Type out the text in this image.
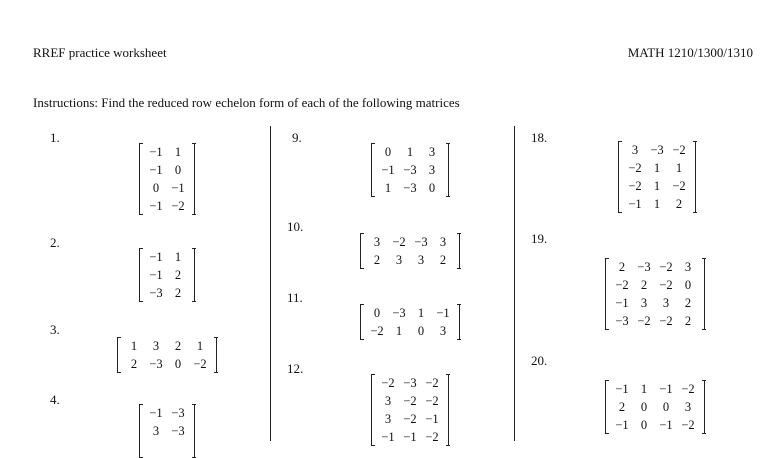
RREF practice worksheet	MATH 1210/1300/1310
Instructions: Find the reduced row echelon form of each of the following matrices
1.
−1	1
−1	0
0	−1
−1	−2
2.
−1	1
−1	2
−3	2
3.
1	3	2	1
2	−3	0	−2
4.
−1	−3
3	−3

9.
0	1	3
−1	−3	3
1	−3	0
10.
3	−2	−3	3
2	3	3	2
11.
0	−3	1	−1
−2	1	0	3
12.
−2	−3	−2
3	−2	−2
3	−2	−1
−1	−1	−2
18.
3	−3	−2
−2	1	1
−2	1	−2
−1	1	2
19.
2	−3	−2	3
−2	2	−2	0
−1	3	3	2
−3	−2	−2	2
20.
−1	1	−1	−2
2	0	0	3
−1	0	−1	−2
